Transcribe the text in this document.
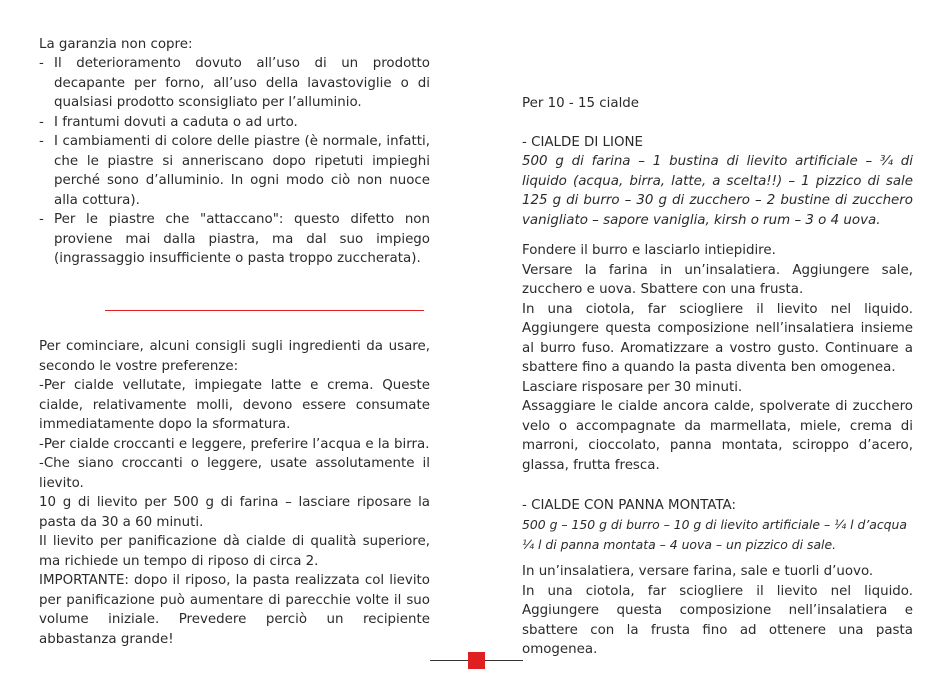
La garanzia non copre:

- Il deterioramento dovuto all’uso di un prodotto decapante per forno, all’uso della lavastoviglie o di qualsiasi prodotto sconsigliato per l’alluminio.
- I frantumi dovuti a caduta o ad urto.
- I cambiamenti di colore delle piastre (è normale, infatti, che le piastre si anneriscano dopo ripetuti impieghi perché sono d’alluminio. In ogni modo ciò non nuoce alla cottura).
- Per le piastre che "attaccano": questo difetto non proviene mai dalla piastra, ma dal suo impiego (ingrassaggio insufficiente o pasta troppo zuccherata).

Per cominciare, alcuni consigli sugli ingredienti da usare, secondo le vostre preferenze:

-Per cialde vellutate, impiegate latte e crema. Queste cialde, relativamente molli, devono essere consumate immediatamente dopo la sformatura.

-Per cialde croccanti e leggere, preferire l’acqua e la birra.

-Che siano croccanti o leggere, usate assolutamente il lievito.

10 g di lievito per 500 g di farina – lasciare riposare la pasta da 30 a 60 minuti.

Il lievito per panificazione dà cialde di qualità superiore, ma richiede un tempo di riposo di circa 2.

IMPORTANTE: dopo il riposo, la pasta realizzata col lievito per panificazione può aumentare di parecchie volte il suo volume iniziale. Prevedere perciò un recipiente abbastanza grande!

Per 10 - 15 cialde

- CIALDE DI LIONE

500 g di farina – 1 bustina di lievito artificiale – ¾ di liquido (acqua, birra, latte, a scelta!!) – 1 pizzico di sale 125 g di burro – 30 g di zucchero – 2 bustine di zucchero vanigliato – sapore vaniglia, kirsh o rum – 3 o 4 uova.

Fondere il burro e lasciarlo intiepidire.

Versare la farina in un’insalatiera. Aggiungere sale, zucchero e uova. Sbattere con una frusta.

In una ciotola, far sciogliere il lievito nel liquido. Aggiungere questa composizione nell’insalatiera insieme al burro fuso. Aromatizzare a vostro gusto. Continuare a sbattere fino a quando la pasta diventa ben omogenea.

Lasciare risposare per 30 minuti.

Assaggiare le cialde ancora calde, spolverate di zucchero velo o accompagnate da marmellata, miele, crema di marroni, cioccolato, panna montata, sciroppo d’acero, glassa, frutta fresca.

- CIALDE CON PANNA MONTATA:

500 g – 150 g di burro – 10 g di lievito artificiale – ¼ l d’acqua

¼ l di panna montata – 4 uova – un pizzico di sale.

In un’insalatiera, versare farina, sale e tuorli d’uovo.

In una ciotola, far sciogliere il lievito nel liquido. Aggiungere questa composizione nell’insalatiera e sbattere con la frusta fino ad ottenere una pasta omogenea.
